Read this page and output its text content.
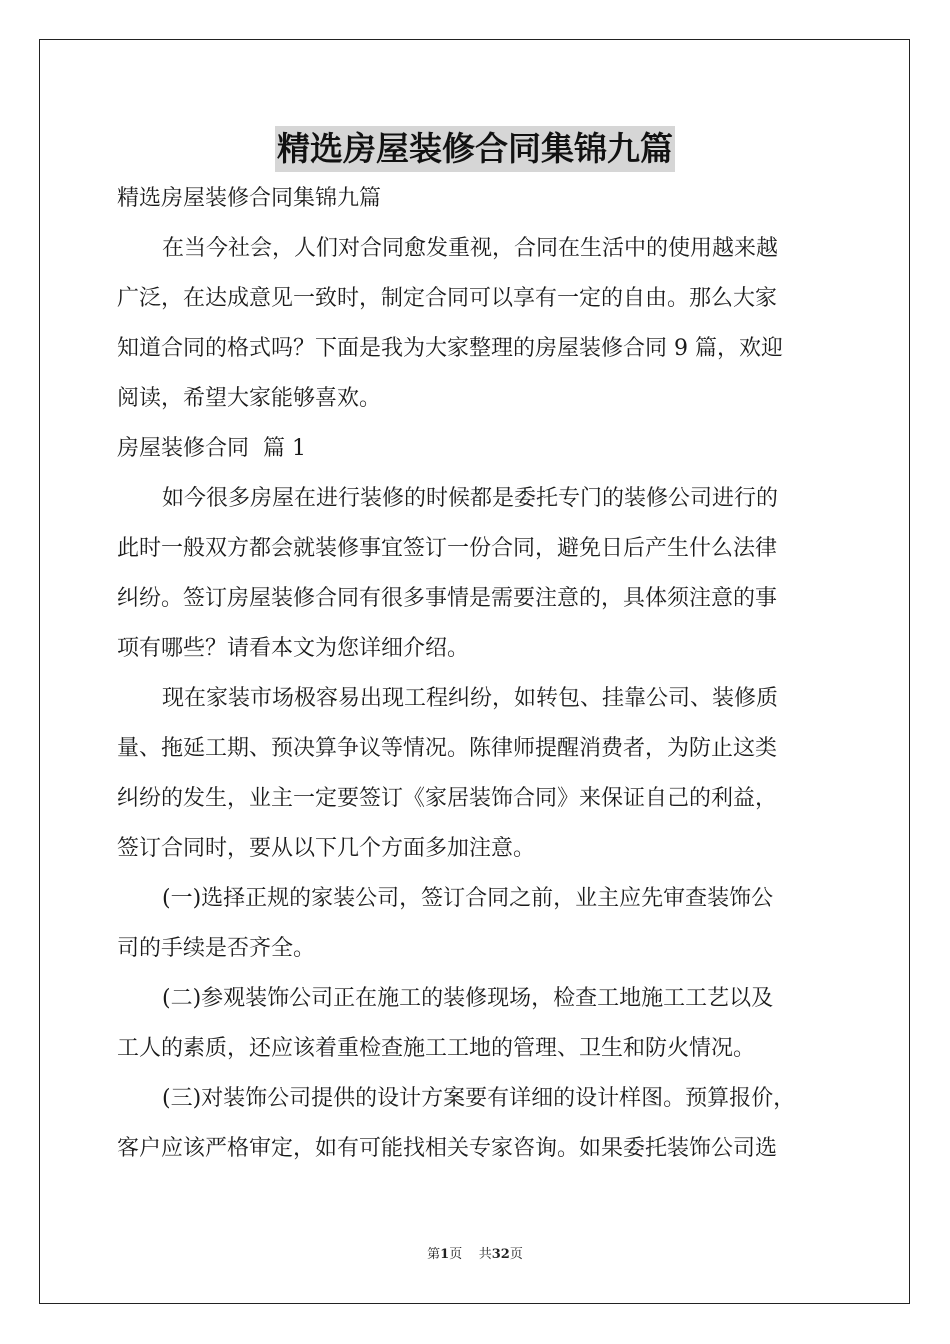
精选房屋装修合同集锦九篇
精选房屋装修合同集锦九篇
在当今社会，人们对合同愈发重视，合同在生活中的使用越来越
广泛，在达成意见一致时，制定合同可以享有一定的自由。那么大家
知道合同的格式吗？下面是我为大家整理的房屋装修合同 9 篇，欢迎
阅读，希望大家能够喜欢。
房屋装修合同  篇 1
如今很多房屋在进行装修的时候都是委托专门的装修公司进行的
此时一般双方都会就装修事宜签订一份合同，避免日后产生什么法律
纠纷。签订房屋装修合同有很多事情是需要注意的，具体须注意的事
项有哪些？请看本文为您详细介绍。
现在家装市场极容易出现工程纠纷，如转包、挂靠公司、装修质
量、拖延工期、预决算争议等情况。陈律师提醒消费者，为防止这类
纠纷的发生，业主一定要签订《家居装饰合同》来保证自己的利益，
签订合同时，要从以下几个方面多加注意。
(一)选择正规的家装公司，签订合同之前，业主应先审查装饰公
司的手续是否齐全。
(二)参观装饰公司正在施工的装修现场，检查工地施工工艺以及
工人的素质，还应该着重检查施工工地的管理、卫生和防火情况。
(三)对装饰公司提供的设计方案要有详细的设计样图。预算报价，
客户应该严格审定，如有可能找相关专家咨询。如果委托装饰公司选
第1页    共32页
